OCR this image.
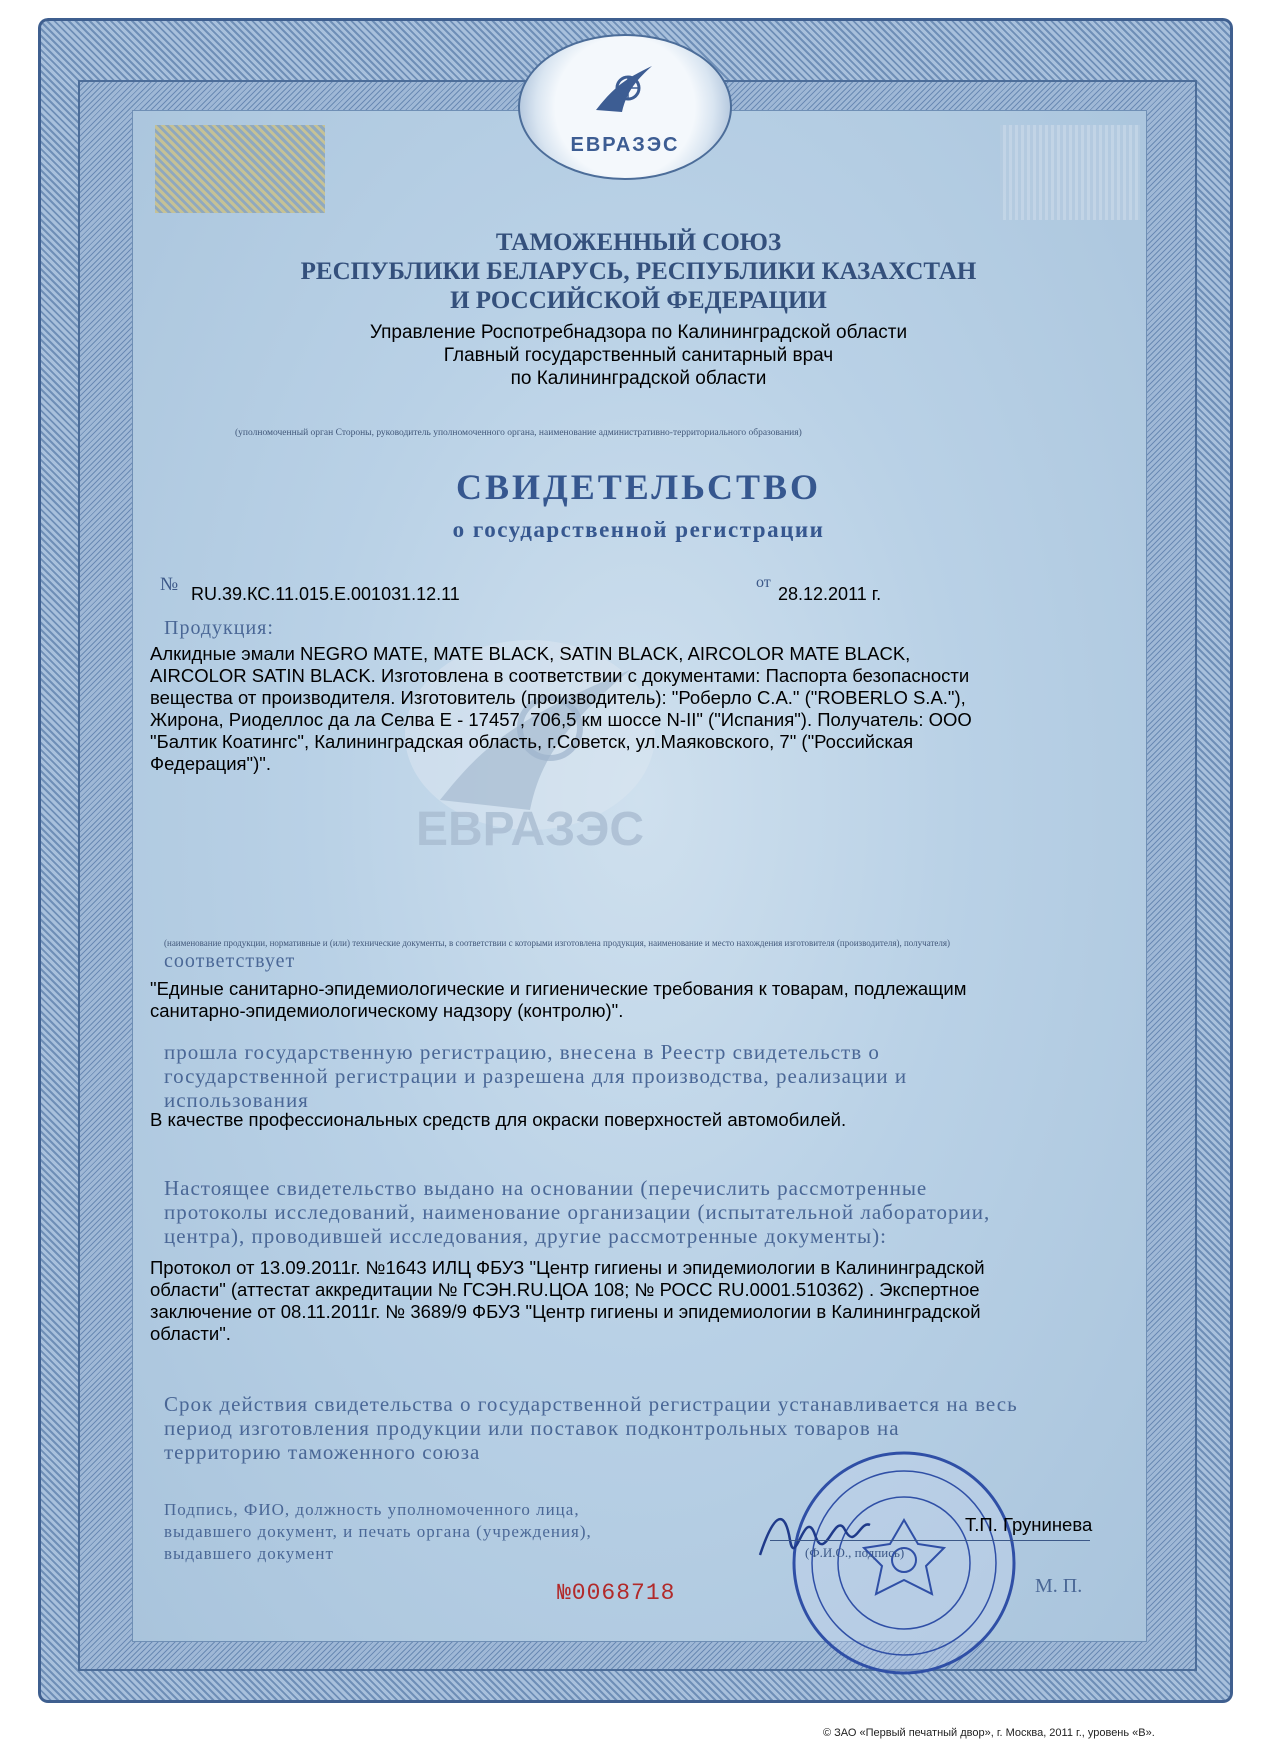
ЕВРАЗЭС
ЕВРАЗЭС

ТАМОЖЕННЫЙ СОЮЗ

РЕСПУБЛИКИ БЕЛАРУСЬ, РЕСПУБЛИКИ КАЗАХСТАН

И РОССИЙСКОЙ ФЕДЕРАЦИИ

Управление Роспотребнадзора по Калининградской области

Главный государственный санитарный врач

по Калининградской области

(уполномоченный орган Стороны, руководитель уполномоченного органа, наименование административно-территориального образования)

СВИДЕТЕЛЬСТВО

о государственной регистрации

№ RU.39.КС.11.015.Е.001031.12.11

от

28.12.2011 г.

Продукция:

Алкидные эмали NEGRO MATE, MATE BLACK, SATIN BLACK, AIRCOLOR MATE BLACK,

AIRCOLOR SATIN BLACK. Изготовлена в соответствии с документами: Паспорта безопасности

вещества от производителя. Изготовитель (производитель): "Роберло С.А." ("ROBERLO S.A."),

Жирона, Риоделлос да ла Селва E - 17457, 706,5 км шоссе N-II" ("Испания"). Получатель: ООО

"Балтик Коатингс", Калининградская область, г.Советск, ул.Маяковского, 7" ("Российская

Федерация")".

(наименование продукции, нормативные и (или) технические документы, в соответствии с которыми изготовлена продукция, наименование и место нахождения изготовителя (производителя), получателя)

соответствует

"Единые санитарно-эпидемиологические и гигиенические требования к товарам, подлежащим

санитарно-эпидемиологическому надзору (контролю)".

прошла государственную регистрацию, внесена в Реестр свидетельств о

государственной регистрации и разрешена для производства, реализации и

использования

В качестве профессиональных средств для окраски поверхностей автомобилей.

Настоящее свидетельство выдано на основании (перечислить рассмотренные

протоколы исследований, наименование организации (испытательной лаборатории,

центра), проводившей исследования, другие рассмотренные документы):

Протокол от 13.09.2011г. №1643 ИЛЦ ФБУЗ "Центр гигиены и эпидемиологии в Калининградской

области" (аттестат аккредитации № ГСЭН.RU.ЦОА 108; № РОСС RU.0001.510362) . Экспертное

заключение от 08.11.2011г. № 3689/9 ФБУЗ "Центр гигиены и эпидемиологии в Калининградской

области".

Срок действия свидетельства о государственной регистрации устанавливается на весь

период изготовления продукции или поставок подконтрольных товаров на

территорию таможенного союза

Подпись, ФИО, должность уполномоченного лица,

выдавшего документ, и печать органа (учреждения),

выдавшего документ

Т.П. Грунинева

(Ф.И.О., подпись)

М. П.

№0068718

© ЗАО «Первый печатный двор», г. Москва, 2011 г., уровень «В».
